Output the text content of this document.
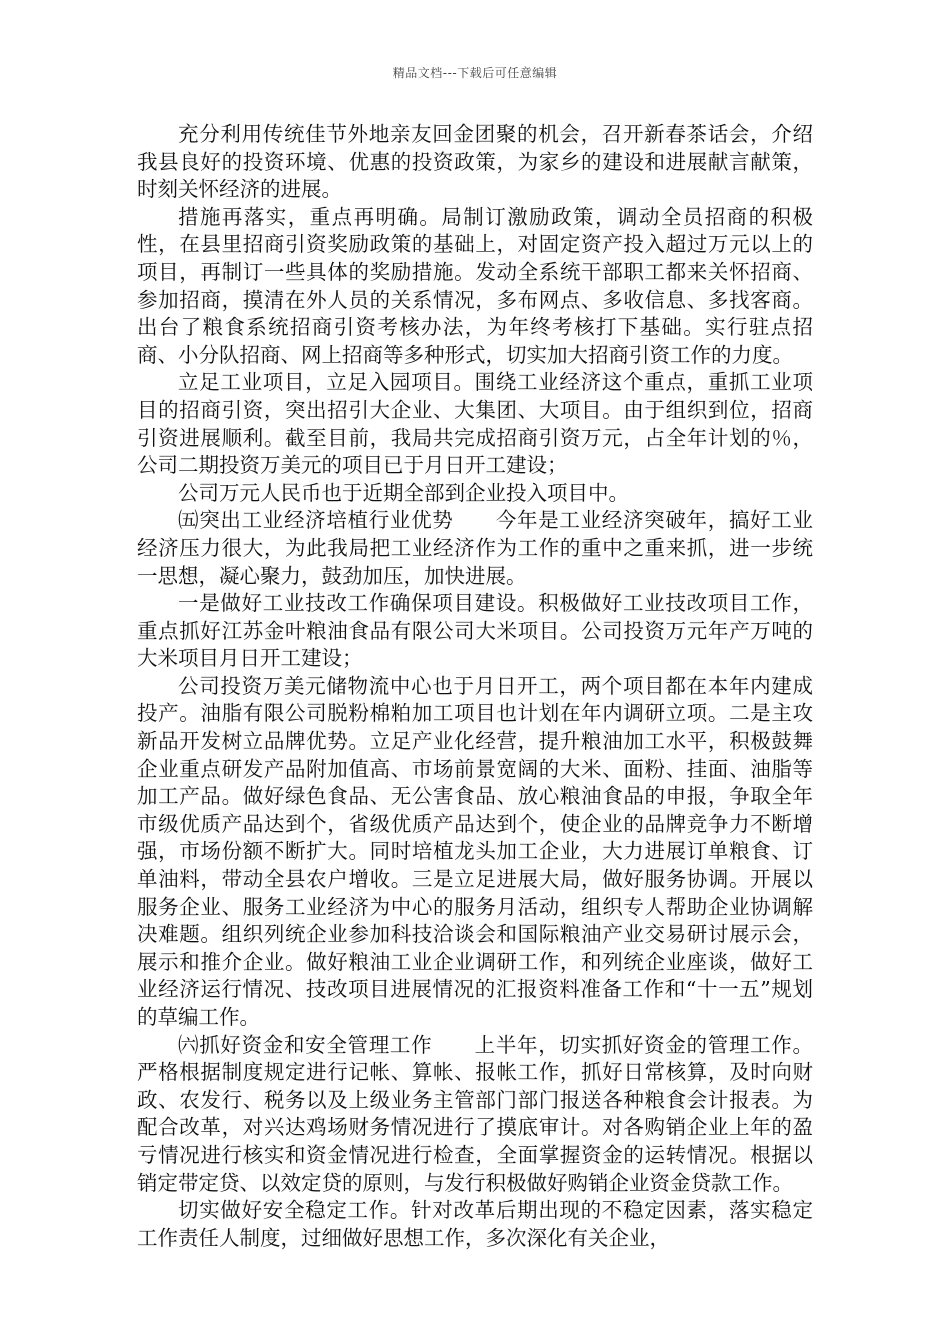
精品文档---下载后可任意编辑

充分利用传统佳节外地亲友回金团聚的机会，召开新春茶话会，介绍我县良好的投资环境、优惠的投资政策，为家乡的建设和进展献言献策，时刻关怀经济的进展。

措施再落实，重点再明确。局制订激励政策，调动全员招商的积极性，在县里招商引资奖励政策的基础上，对固定资产投入超过万元以上的项目，再制订一些具体的奖励措施。发动全系统干部职工都来关怀招商、参加招商，摸清在外人员的关系情况，多布网点、多收信息、多找客商。出台了粮食系统招商引资考核办法，为年终考核打下基础。实行驻点招商、小分队招商、网上招商等多种形式，切实加大招商引资工作的力度。

立足工业项目，立足入园项目。围绕工业经济这个重点，重抓工业项目的招商引资，突出招引大企业、大集团、大项目。由于组织到位，招商引资进展顺利。截至目前，我局共完成招商引资万元，占全年计划的％，公司二期投资万美元的项目已于月日开工建设；

公司万元人民币也于近期全部到企业投入项目中。

㈤突出工业经济培植行业优势　　今年是工业经济突破年，搞好工业经济压力很大，为此我局把工业经济作为工作的重中之重来抓，进一步统一思想，凝心聚力，鼓劲加压，加快进展。

一是做好工业技改工作确保项目建设。积极做好工业技改项目工作，重点抓好江苏金叶粮油食品有限公司大米项目。公司投资万元年产万吨的大米项目月日开工建设；

公司投资万美元储物流中心也于月日开工，两个项目都在本年内建成投产。油脂有限公司脱粉棉粕加工项目也计划在年内调研立项。二是主攻新品开发树立品牌优势。立足产业化经营，提升粮油加工水平，积极鼓舞企业重点研发产品附加值高、市场前景宽阔的大米、面粉、挂面、油脂等加工产品。做好绿色食品、无公害食品、放心粮油食品的申报，争取全年市级优质产品达到个，省级优质产品达到个，使企业的品牌竞争力不断增强，市场份额不断扩大。同时培植龙头加工企业，大力进展订单粮食、订单油料，带动全县农户增收。三是立足进展大局，做好服务协调。开展以服务企业、服务工业经济为中心的服务月活动，组织专人帮助企业协调解决难题。组织列统企业参加科技洽谈会和国际粮油产业交易研讨展示会，展示和推介企业。做好粮油工业企业调研工作，和列统企业座谈，做好工业经济运行情况、技改项目进展情况的汇报资料准备工作和“十一五”规划的草编工作。

㈥抓好资金和安全管理工作　　上半年，切实抓好资金的管理工作。严格根据制度规定进行记帐、算帐、报帐工作，抓好日常核算，及时向财政、农发行、税务以及上级业务主管部门部门报送各种粮食会计报表。为配合改革，对兴达鸡场财务情况进行了摸底审计。对各购销企业上年的盈亏情况进行核实和资金情况进行检查，全面掌握资金的运转情况。根据以销定带定贷、以效定贷的原则，与发行积极做好购销企业资金贷款工作。

切实做好安全稳定工作。针对改革后期出现的不稳定因素，落实稳定工作责任人制度，过细做好思想工作，多次深化有关企业，
